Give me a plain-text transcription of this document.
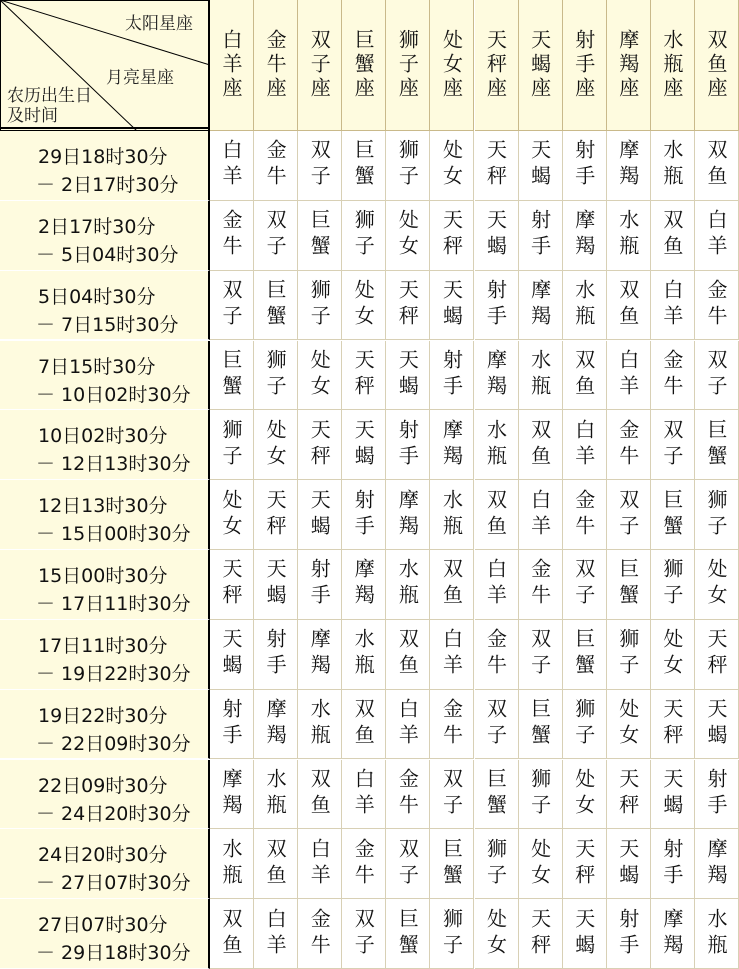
太阳星座
月亮星座
农历出生日
及时间
白羊座 金牛座 双子座 巨蟹座 狮子座 处女座 天秤座 天蝎座 射手座 摩羯座 水瓶座 双鱼座
29日18时30分
－ 2日17时30分 白羊 金牛 双子 巨蟹 狮子 处女 天秤 天蝎 射手 摩羯 水瓶 双鱼
2日17时30分
－ 5日04时30分 金牛 双子 巨蟹 狮子 处女 天秤 天蝎 射手 摩羯 水瓶 双鱼 白羊
5日04时30分
－ 7日15时30分 双子 巨蟹 狮子 处女 天秤 天蝎 射手 摩羯 水瓶 双鱼 白羊 金牛
7日15时30分
－ 10日02时30分 巨蟹 狮子 处女 天秤 天蝎 射手 摩羯 水瓶 双鱼 白羊 金牛 双子
10日02时30分
－ 12日13时30分 狮子 处女 天秤 天蝎 射手 摩羯 水瓶 双鱼 白羊 金牛 双子 巨蟹
12日13时30分
－ 15日00时30分 处女 天秤 天蝎 射手 摩羯 水瓶 双鱼 白羊 金牛 双子 巨蟹 狮子
15日00时30分
－ 17日11时30分 天秤 天蝎 射手 摩羯 水瓶 双鱼 白羊 金牛 双子 巨蟹 狮子 处女
17日11时30分
－ 19日22时30分 天蝎 射手 摩羯 水瓶 双鱼 白羊 金牛 双子 巨蟹 狮子 处女 天秤
19日22时30分
－ 22日09时30分 射手 摩羯 水瓶 双鱼 白羊 金牛 双子 巨蟹 狮子 处女 天秤 天蝎
22日09时30分
－ 24日20时30分 摩羯 水瓶 双鱼 白羊 金牛 双子 巨蟹 狮子 处女 天秤 天蝎 射手
24日20时30分
－ 27日07时30分 水瓶 双鱼 白羊 金牛 双子 巨蟹 狮子 处女 天秤 天蝎 射手 摩羯
27日07时30分
－ 29日18时30分 双鱼 白羊 金牛 双子 巨蟹 狮子 处女 天秤 天蝎 射手 摩羯 水瓶
